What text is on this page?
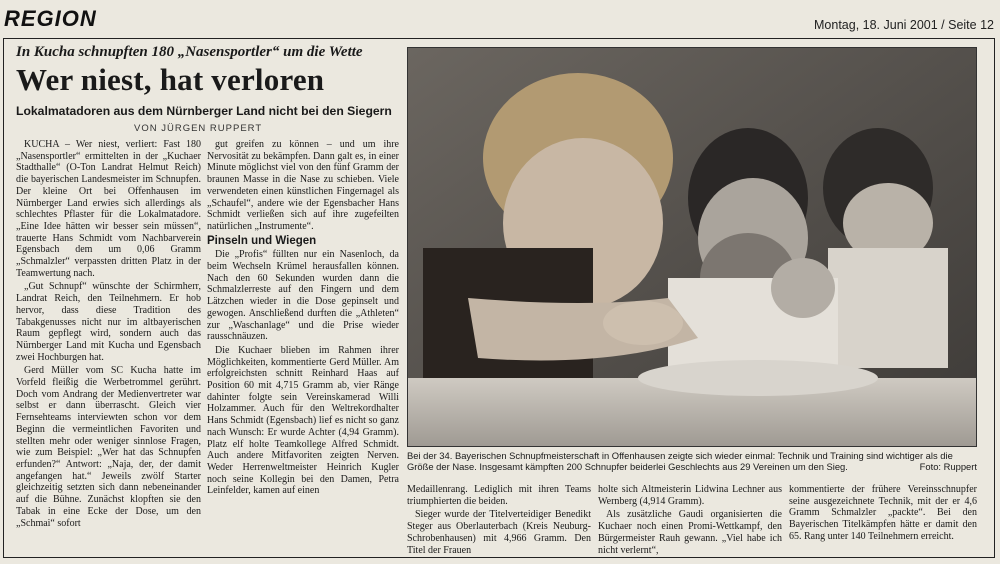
REGION	Montag, 18. Juni 2001 / Seite 12
In Kucha schnupften 180 „Nasensportler“ um die Wette
Wer niest, hat verloren
Lokalmatadoren aus dem Nürnberger Land nicht bei den Siegern
VON JÜRGEN RUPPERT

KUCHA – Wer niest, verliert: Fast 180 „Nasensportler“ ermittelten in der „Kuchaer Stadthalle“ (O-Ton Landrat Helmut Reich) die bayerischen Landesmeister im Schnupfen. Der kleine Ort bei Offenhausen im Nürnberger Land erwies sich allerdings als schlechtes Pflaster für die Lokalmatadore. „Eine Idee hätten wir besser sein müssen“, trauerte Hans Schmidt vom Nachbarverein Egensbach dem um 0,06 Gramm „Schmalzler“ verpassten dritten Platz in der Teamwertung nach.

„Gut Schnupf“ wünschte der Schirmherr, Landrat Reich, den Teilnehmern. Er hob hervor, dass diese Tradition des Tabakgenusses nicht nur im altbayerischen Raum gepflegt wird, sondern auch das Nürnberger Land mit Kucha und Egensbach zwei Hochburgen hat.

Gerd Müller vom SC Kucha hatte im Vorfeld fleißig die Werbetrommel gerührt. Doch vom Andrang der Medienvertreter war selbst er dann überrascht. Gleich vier Fernsehteams interviewten schon vor dem Beginn die vermeintlichen Favoriten und stellten mehr oder weniger sinnlose Fragen, wie zum Beispiel: „Wer hat das Schnupfen erfunden?“ Antwort: „Naja, der, der damit angefangen hat.“ Jeweils zwölf Starter gleichzeitig setzten sich dann nebeneinander auf die Bühne. Zunächst klopften sie den Tabak in eine Ecke der Dose, um den „Schmai“ sofort

gut greifen zu können – und um ihre Nervosität zu bekämpfen. Dann galt es, in einer Minute möglichst viel von den fünf Gramm der braunen Masse in die Nase zu schieben. Viele verwendeten einen künstlichen Fingernagel als „Schaufel“, andere wie der Egensbacher Hans Schmidt verließen sich auf ihre zugefeilten natürlichen „Instrumente“.

Pinseln und Wiegen

Die „Profis“ füllten nur ein Nasenloch, da beim Wechseln Krümel herausfallen können. Nach den 60 Sekunden wurden dann die Schmalzlerreste auf den Fingern und dem Lätzchen wieder in die Dose gepinselt und gewogen. Anschließend durften die „Athleten“ zur „Waschanlage“ und die Prise wieder rausschnäuzen.

Die Kuchaer blieben im Rahmen ihrer Möglichkeiten, kommentierte Gerd Müller. Am erfolgreichsten schnitt Reinhard Haas auf Position 60 mit 4,715 Gramm ab, vier Ränge dahinter folgte sein Vereinskamerad Willi Holzammer. Auch für den Weltrekordhalter Hans Schmidt (Egensbach) lief es nicht so ganz nach Wunsch: Er wurde Achter (4,94 Gramm). Platz elf holte Teamkollege Alfred Schmidt. Auch andere Mitfavoriten zeigten Nerven. Weder Herrenweltmeister Heinrich Kugler noch seine Kollegin bei den Damen, Petra Leinfelder, kamen auf einen

Bei der 34. Bayerischen Schnupfmeisterschaft in Offenhausen zeigte sich wieder einmal: Technik und Training sind wichtiger als die Größe der Nase. Insgesamt kämpften 200 Schnupfer beiderlei Geschlechts aus 29 Vereinen um den Sieg.	Foto: Ruppert

Medaillenrang. Lediglich mit ihren Teams triumphierten die beiden.

Sieger wurde der Titelverteidiger Benedikt Steger aus Oberlauterbach (Kreis Neuburg-Schrobenhausen) mit 4,966 Gramm. Den Titel der Frauen

holte sich Altmeisterin Lidwina Lechner aus Wernberg (4,914 Gramm).

Als zusätzliche Gaudi organisierten die Kuchaer noch einen Promi-Wettkampf, den Bürgermeister Rauh gewann. „Viel habe ich nicht verlernt“,

kommentierte der frühere Vereinsschnupfer seine ausgezeichnete Technik, mit der er 4,6 Gramm Schmalzler „packte“. Bei den Bayerischen Titelkämpfen hätte er damit den 65. Rang unter 140 Teilnehmern erreicht.
